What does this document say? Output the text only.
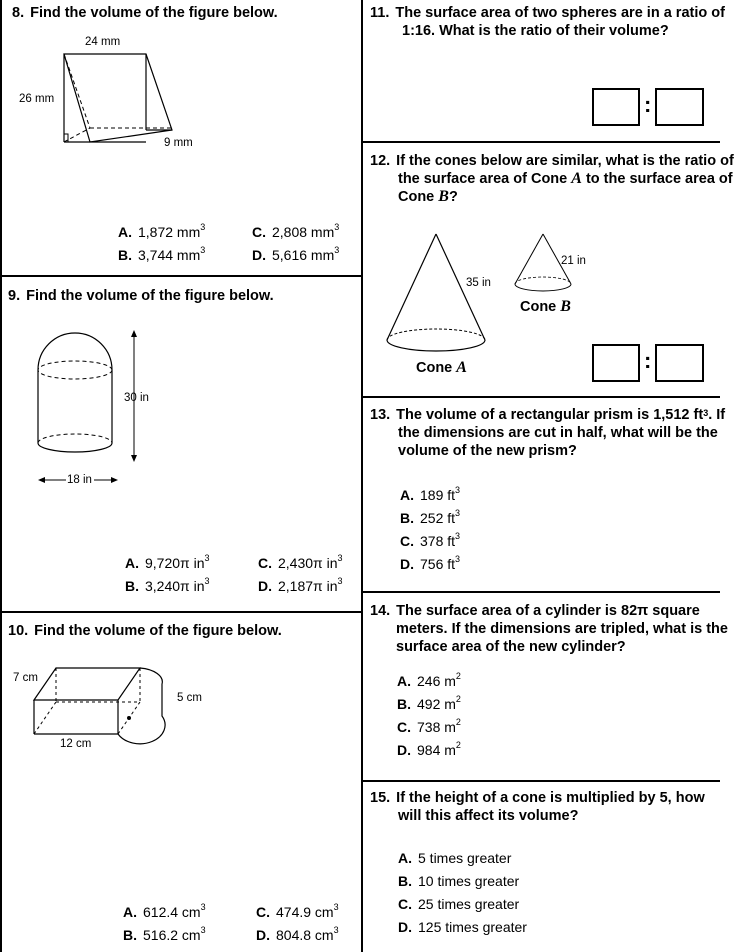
8. Find the volume of the figure below.
24 mm
26 mm
9 mm
A. 1,872 $mm^3$	C. 2,808 $mm^3$
B. 3,744 $mm^3$	D. 5,616 $mm^3$
9. Find the volume of the figure below.
30 in
18 in
A. 9,720π $in^3$	C. 2,430π $in^3$
B. 3,240π $in^3$	D. 2,187π $in^3$
10. Find the volume of the figure below.
7 cm
5 cm
12 cm
A. 612.4 $cm^3$	C. 474.9 $cm^3$
B. 516.2 $cm^3$	D. 804.8 $cm^3$
11. The surface area of two spheres are in a ratio of 1:16. What is the ratio of their volume?
:
12. If the cones below are similar, what is the ratio of the surface area of Cone A to the surface area of Cone B?
35 in
Cone A
21 in
Cone B
:
13. The volume of a rectangular prism is 1,512 $ft^3$. If the dimensions are cut in half, what will be the volume of the new prism?
A. 189 $ft^3$
B. 252 $ft^3$
C. 378 $ft^3$
D. 756 $ft^3$
14. The surface area of a cylinder is 82π square meters. If the dimensions are tripled, what is the surface area of the new cylinder?
A. 246 $m^2$
B. 492 $m^2$
C. 738 $m^2$
D. 984 $m^2$
15. If the height of a cone is multiplied by 5, how will this affect its volume?
A. 5 times greater
B. 10 times greater
C. 25 times greater
D. 125 times greater
